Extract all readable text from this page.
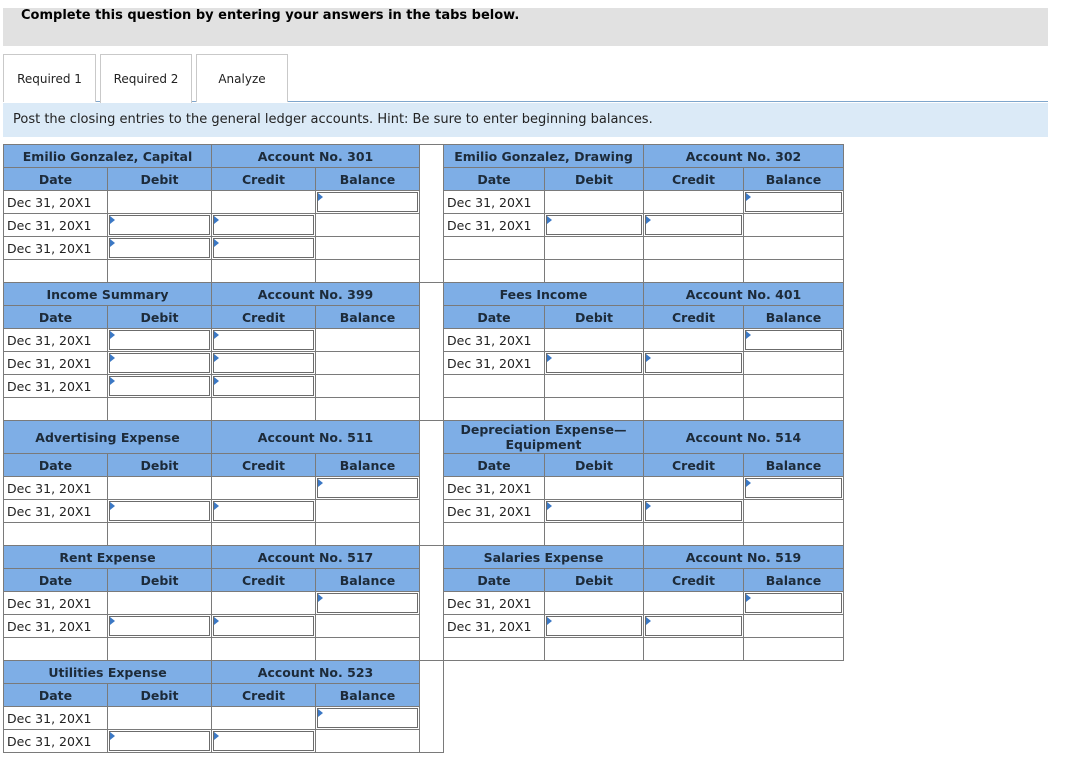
Complete this question by entering your answers in the tabs below.
Required 1	Required 2	Analyze
Post the closing entries to the general ledger accounts. Hint: Be sure to enter beginning balances.
Emilio Gonzalez, Capital	Account No. 301
Date	Debit	Credit	Balance
Dec 31, 20X1
Dec 31, 20X1
Dec 31, 20X1
Emilio Gonzalez, Drawing	Account No. 302
Date	Debit	Credit	Balance
Dec 31, 20X1
Dec 31, 20X1
Income Summary	Account No. 399
Date	Debit	Credit	Balance
Dec 31, 20X1
Dec 31, 20X1
Dec 31, 20X1
Fees Income	Account No. 401
Date	Debit	Credit	Balance
Dec 31, 20X1
Dec 31, 20X1
Advertising Expense	Account No. 511
Date	Debit	Credit	Balance
Dec 31, 20X1
Dec 31, 20X1
Depreciation Expense— Equipment	Account No. 514
Date	Debit	Credit	Balance
Dec 31, 20X1
Dec 31, 20X1
Rent Expense	Account No. 517
Date	Debit	Credit	Balance
Dec 31, 20X1
Dec 31, 20X1
Salaries Expense	Account No. 519
Date	Debit	Credit	Balance
Dec 31, 20X1
Dec 31, 20X1
Utilities Expense	Account No. 523
Date	Debit	Credit	Balance
Dec 31, 20X1
Dec 31, 20X1
